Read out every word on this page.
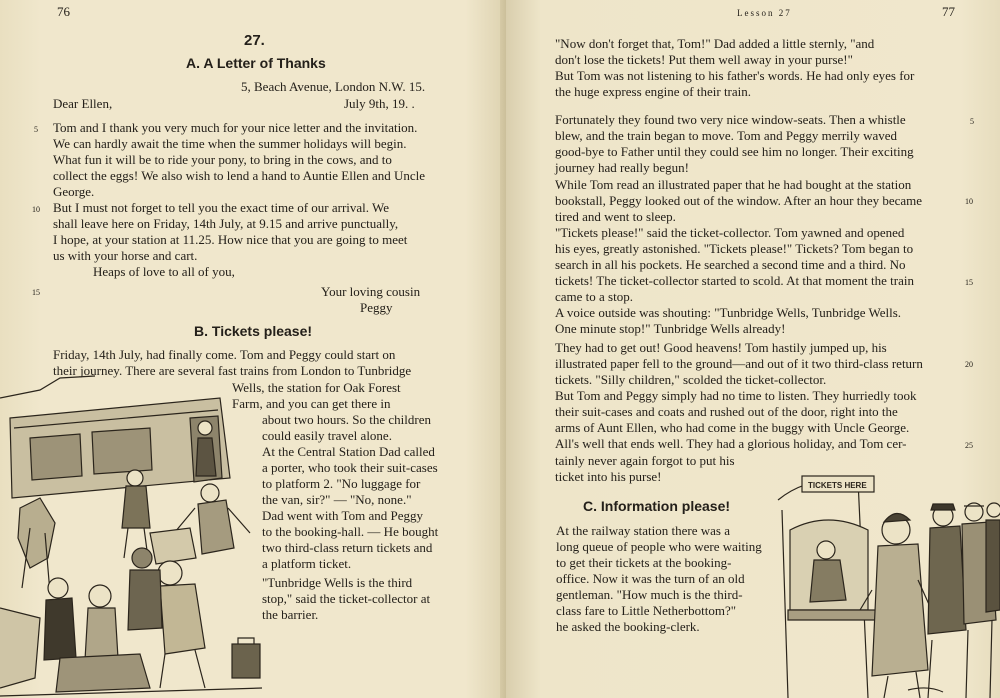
76
27.
A. A Letter of Thanks
5, Beach Avenue, London N.W. 15.
Dear Ellen,	July 9th, 19. .
Tom and I thank you very much for your nice letter and the invitation.
We can hardly await the time when the summer holidays will begin.
What fun it will be to ride your pony, to bring in the cows, and to
collect the eggs! We also wish to lend a hand to Auntie Ellen and Uncle
George.
But I must not forget to tell you the exact time of our arrival. We
shall leave here on Friday, 14th July, at 9.15 and arrive punctually,
I hope, at your station at 11.25. How nice that you are going to meet
us with your horse and cart.
Heaps of love to all of you,
Your loving cousin
Peggy
5
10
15
B. Tickets please!
Friday, 14th July, had finally come. Tom and Peggy could start on
their journey. There are several fast trains from London to Tunbridge
Wells, the station for Oak Forest
Farm, and you can get there in
about two hours. So the children
could easily travel alone.
At the Central Station Dad called
a porter, who took their suit-cases
to platform 2. "No luggage for
the van, sir?" — "No, none."
Dad went with Tom and Peggy
to the booking-hall. — He bought
two third-class return tickets and
a platform ticket.
"Tunbridge Wells is the third
stop," said the ticket-collector at
the barrier.
Lesson 27	77
"Now don't forget that, Tom!" Dad added a little sternly, "and
don't lose the tickets! Put them well away in your purse!"
But Tom was not listening to his father's words. He had only eyes for
the huge express engine of their train.
Fortunately they found two very nice window-seats. Then a whistle
blew, and the train began to move. Tom and Peggy merrily waved
good-bye to Father until they could see him no longer. Their exciting
journey had really begun!
While Tom read an illustrated paper that he had bought at the station
bookstall, Peggy looked out of the window. After an hour they became
tired and went to sleep.
"Tickets please!" said the ticket-collector. Tom yawned and opened
his eyes, greatly astonished. "Tickets please!" Tickets? Tom began to
search in all his pockets. He searched a second time and a third. No
tickets! The ticket-collector started to scold. At that moment the train
came to a stop.
A voice outside was shouting: "Tunbridge Wells, Tunbridge Wells.
One minute stop!" Tunbridge Wells already!
They had to get out! Good heavens! Tom hastily jumped up, his
illustrated paper fell to the ground—and out of it two third-class return
tickets. "Silly children," scolded the ticket-collector.
But Tom and Peggy simply had no time to listen. They hurriedly took
their suit-cases and coats and rushed out of the door, right into the
arms of Aunt Ellen, who had come in the buggy with Uncle George.
All's well that ends well. They had a glorious holiday, and Tom cer-
tainly never again forgot to put his
ticket into his purse!
5
10
15
20
25
C. Information please!
At the railway station there was a
long queue of people who were waiting
to get their tickets at the booking-
office. Now it was the turn of an old
gentleman. "How much is the third-
class fare to Little Netherbottom?"
he asked the booking-clerk.
TICKETS HERE
